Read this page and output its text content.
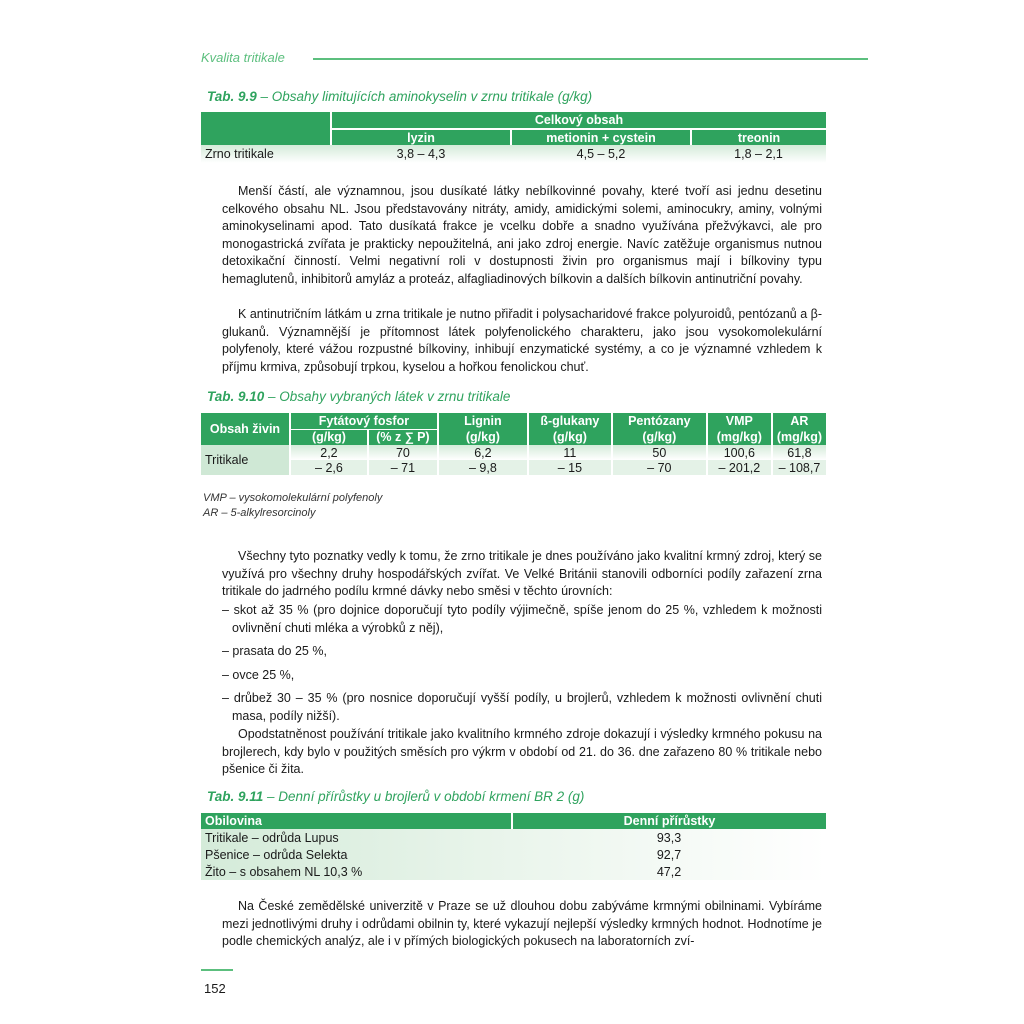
Kvalita tritikale
Tab. 9.9 – Obsahy limitujících aminokyselin v zrnu tritikale (g/kg)
	Celkový obsah		
	lyzin	metionin + cystein	treonin
Zrno tritikale	3,8 – 4,3	4,5 – 5,2	1,8 – 2,1
Menší částí, ale významnou, jsou dusíkaté látky nebílkovinné povahy, které tvoří asi jednu desetinu celkového obsahu NL. Jsou představovány nitráty, amidy, amidickými solemi, aminocukry, aminy, volnými aminokyselinami apod. Tato dusíkatá frakce je vcelku dobře a snadno využívána přežvýkavci, ale pro monogastrická zvířata je prakticky nepoužitelná, ani jako zdroj energie. Navíc zatěžuje organismus nutnou detoxikační činností. Velmi negativní roli v dostupnosti živin pro organismus mají i bílkoviny typu hemaglutenů, inhibitorů amyláz a proteáz, alfagliadinových bílkovin a dalších bílkovin antinutriční povahy.
K antinutričním látkám u zrna tritikale je nutno přiřadit i polysacharidové frakce polyuroidů, pentózanů a β-glukanů. Významnější je přítomnost látek polyfenolického charakteru, jako jsou vysokomolekulární polyfenoly, které vážou rozpustné bílkoviny, inhibují enzymatické systémy, a co je významné vzhledem k příjmu krmiva, způsobují trpkou, kyselou a hořkou fenolickou chuť.
Tab. 9.10 – Obsahy vybraných látek v zrnu tritikale
Obsah živin	Fytátový fosfor		Lignin	ß-glukany	Pentózany	VMP	AR
	(g/kg)	(% z ∑ P)	(g/kg)	(g/kg)	(g/kg)	(mg/kg)	(mg/kg)
Tritikale	2,2	70	6,2	11	50	100,6	61,8
	– 2,6	– 71	– 9,8	– 15	– 70	– 201,2	– 108,7
VMP – vysokomolekulární polyfenoly
AR – 5-alkylresorcinoly
Všechny tyto poznatky vedly k tomu, že zrno tritikale je dnes používáno jako kvalitní krmný zdroj, který se využívá pro všechny druhy hospodářských zvířat. Ve Velké Británii stanovili odborníci podíly zařazení zrna tritikale do jadrného podílu krmné dávky nebo směsi v těchto úrovních:
– skot až 35 % (pro dojnice doporučují tyto podíly výjimečně, spíše jenom do 25 %, vzhledem k možnosti ovlivnění chuti mléka a výrobků z něj),
– prasata do 25 %,
– ovce 25 %,
– drůbež 30 – 35 % (pro nosnice doporučují vyšší podíly, u brojlerů, vzhledem k možnosti ovlivnění chuti masa, podíly nižší).
Opodstatněnost používání tritikale jako kvalitního krmného zdroje dokazují i výsledky krmného pokusu na brojlerech, kdy bylo v použitých směsích pro výkrm v období od 21. do 36. dne zařazeno 80 % tritikale nebo pšenice či žita.
Tab. 9.11 – Denní přírůstky u brojlerů v období krmení BR 2 (g)
Obilovina	Denní přírůstky
Tritikale – odrůda Lupus	93,3
Pšenice – odrůda Selekta	92,7
Žito – s obsahem NL 10,3 %	47,2
Na České zemědělské univerzitě v Praze se už dlouhou dobu zabýváme krmnými obilninami. Vybíráme mezi jednotlivými druhy i odrůdami obilnin ty, které vykazují nejlepší výsledky krmných hodnot. Hodnotíme je podle chemických analýz, ale i v přímých biologických pokusech na laboratorních zví-
152
